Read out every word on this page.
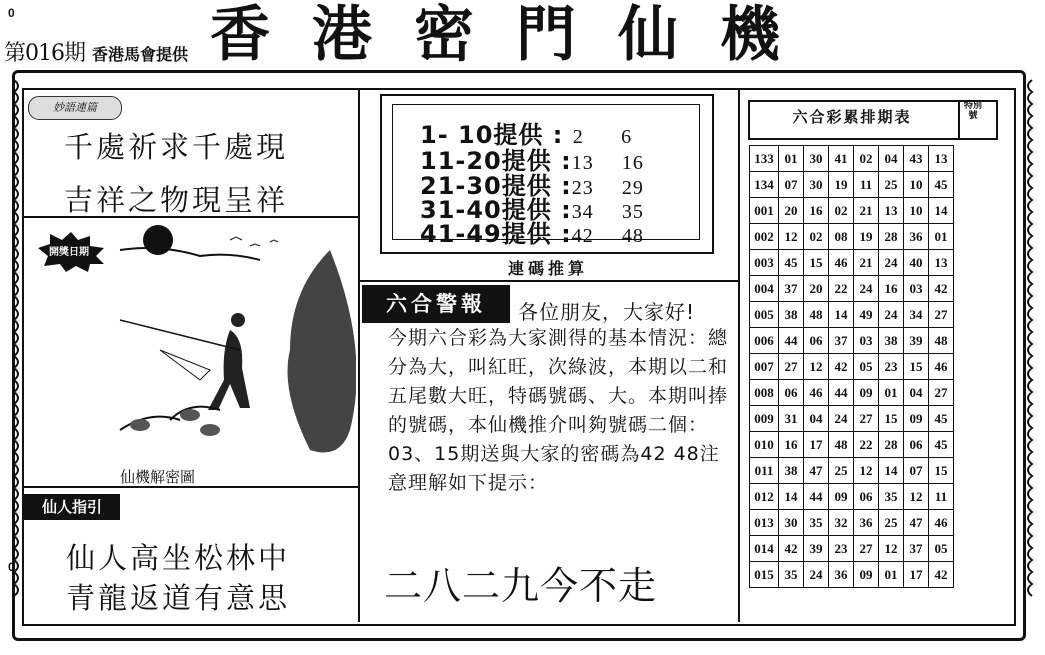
0
第016期 香港馬會提供 香港密門仙機
0
妙語連篇
千處祈求千處現
吉祥之物現呈祥
開獎日期
仙機解密圖
仙人指引
仙人高坐松林中
青龍返道有意思
1- 10提供 : 2 6
11-20提供 :13 16
21-30提供 :23 29
31-40提供 :34 35
41-49提供 :42 48
連碼推算
六合警報	各位朋友，大家好!
今期六合彩為大家測得的基本情況：總分為大，叫紅旺，次綠波，本期以二和五尾數大旺，特碼號碼、大。本期叫捧的號碼，本仙機推介叫夠號碼二個：03、15期送與大家的密碼為42 48注意理解如下提示：
二八二九今不走
六合彩累排期表
特別號
133	01	30	41	02	04	43	13
134	07	30	19	11	25	10	45
001	20	16	02	21	13	10	14
002	12	02	08	19	28	36	01
003	45	15	46	21	24	40	13
004	37	20	22	24	16	03	42
005	38	48	14	49	24	34	27
006	44	06	37	03	38	39	48
007	27	12	42	05	23	15	46
008	06	46	44	09	01	04	27
009	31	04	24	27	15	09	45
010	16	17	48	22	28	06	45
011	38	47	25	12	14	07	15
012	14	44	09	06	35	12	11
013	30	35	32	36	25	47	46
014	42	39	23	27	12	37	05
015	35	24	36	09	01	17	42
